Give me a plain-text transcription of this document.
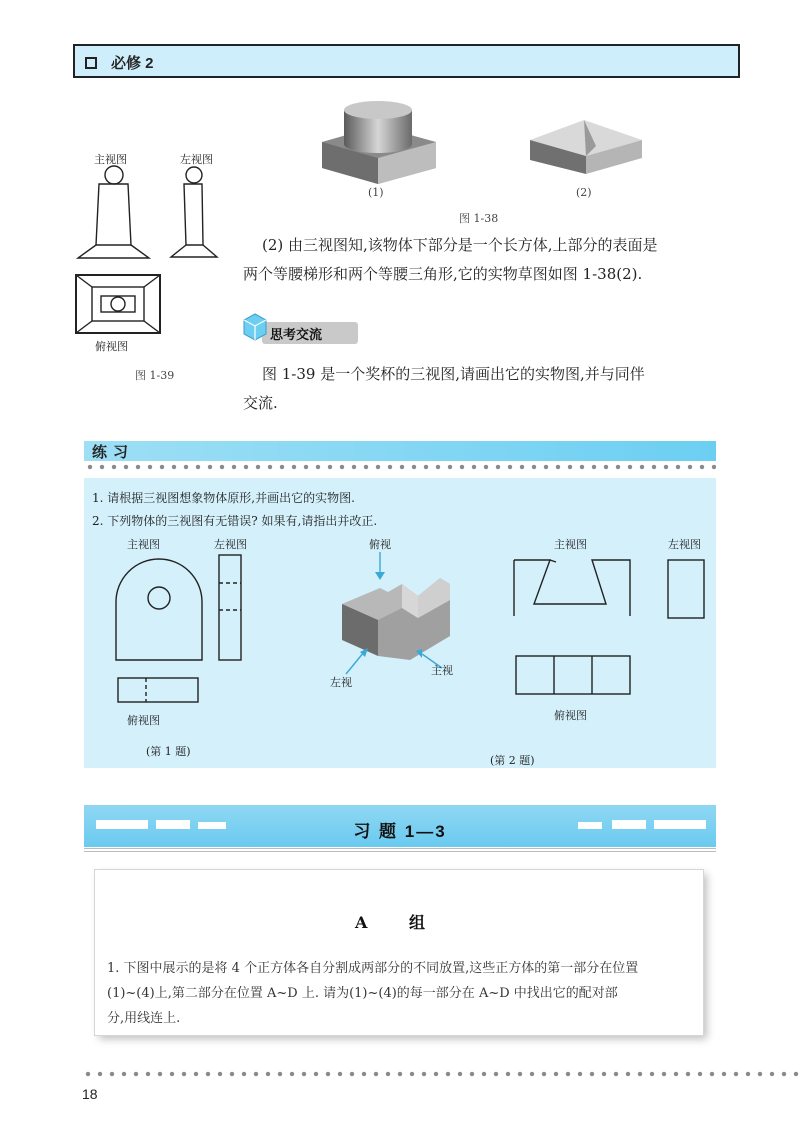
必修 2
主视图	左视图
俯视图
图 1-39
(1)	(2)
图 1-38
(2) 由三视图知,该物体下部分是一个长方体,上部分的表面是
两个等腰梯形和两个等腰三角形,它的实物草图如图 1-38(2).
思考交流
图 1-39 是一个奖杯的三视图,请画出它的实物图,并与同伴
交流.
练习
1. 请根据三视图想象物体原形,并画出它的实物图.
2. 下列物体的三视图有无错误? 如果有,请指出并改正.
主视图	左视图
俯视图
(第 1 题)
俯视
左视
主视
主视图	左视图
俯视图
(第 2 题)
习 题 1—3
A 组
1. 下图中展示的是将 4 个正方体各自分割成两部分的不同放置,这些正方体的第一部分在位置
(1)~(4)上,第二部分在位置 A~D 上. 请为(1)~(4)的每一部分在 A~D 中找出它的配对部
分,用线连上.
18
